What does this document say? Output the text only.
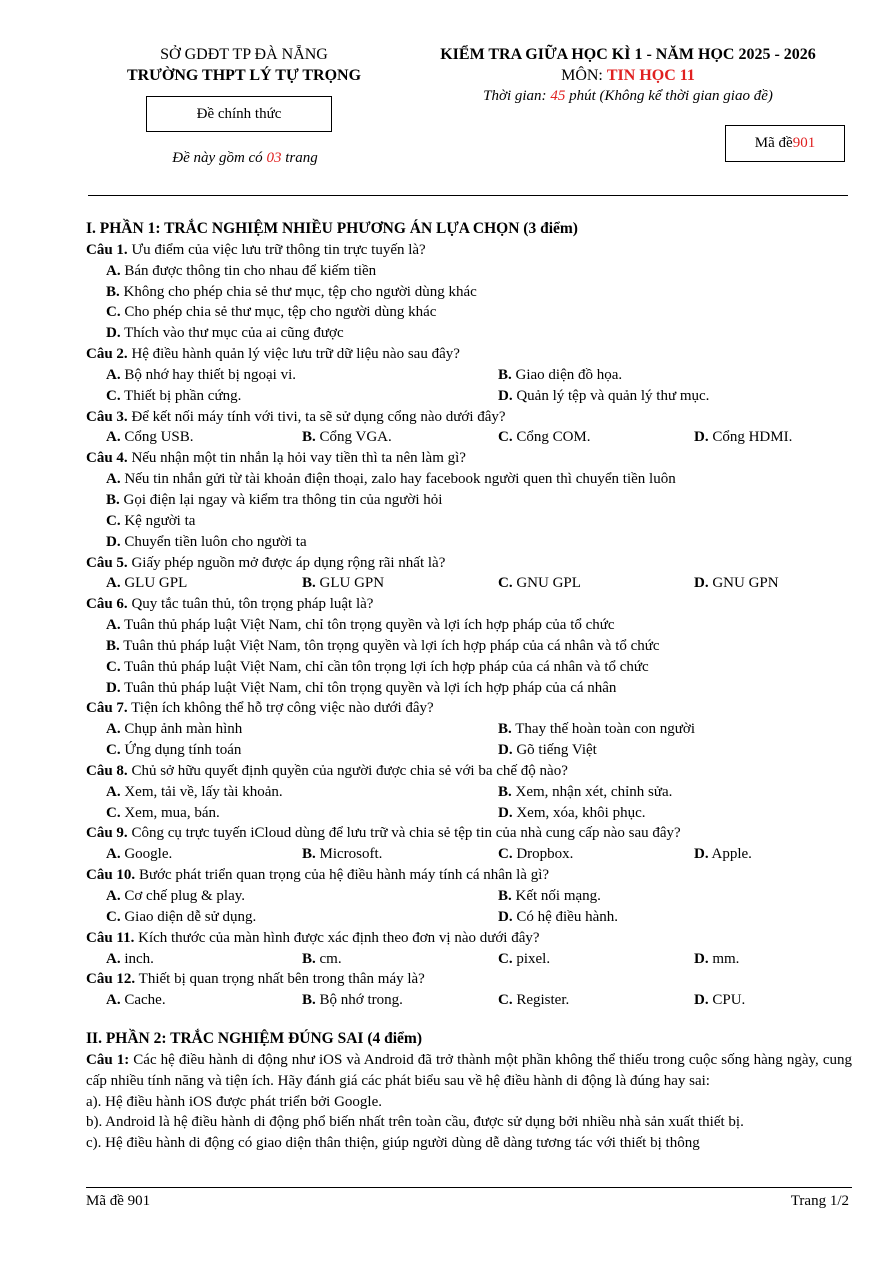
SỞ GDĐT TP ĐÀ NẴNG
TRƯỜNG THPT LÝ TỰ TRỌNG
Đề chính thức
Đề này gồm có 03 trang
KIỂM TRA GIỮA HỌC KÌ 1 - NĂM HỌC 2025 - 2026
MÔN: TIN HỌC 11
Thời gian: 45 phút (Không kể thời gian giao đề)
Mã đề 901
I. PHẦN 1: TRẮC NGHIỆM NHIỀU PHƯƠNG ÁN LỰA CHỌN (3 điểm)
Câu 1. Ưu điểm của việc lưu trữ thông tin trực tuyến là?
A. Bán được thông tin cho nhau để kiếm tiền
B. Không cho phép chia sẻ thư mục, tệp cho người dùng khác
C. Cho phép chia sẻ thư mục, tệp cho người dùng khác
D. Thích vào thư mục của ai cũng được
Câu 2. Hệ điều hành quản lý việc lưu trữ dữ liệu nào sau đây?
A. Bộ nhớ hay thiết bị ngoại vi.	B. Giao diện đồ họa.
C. Thiết bị phần cứng.	D. Quản lý tệp và quản lý thư mục.
Câu 3. Để kết nối máy tính với tivi, ta sẽ sử dụng cổng nào dưới đây?
A. Cổng USB.	B. Cổng VGA.	C. Cổng COM.	D. Cổng HDMI.
Câu 4. Nếu nhận một tin nhắn lạ hỏi vay tiền thì ta nên làm gì?
A. Nếu tin nhắn gửi từ tài khoản điện thoại, zalo hay facebook người quen thì chuyển tiền luôn
B. Gọi điện lại ngay và kiểm tra thông tin của người hỏi
C. Kệ người ta
D. Chuyển tiền luôn cho người ta
Câu 5. Giấy phép nguồn mở được áp dụng rộng rãi nhất là?
A. GLU GPL	B. GLU GPN	C. GNU GPL	D. GNU GPN
Câu 6. Quy tắc tuân thủ, tôn trọng pháp luật là?
A. Tuân thủ pháp luật Việt Nam, chỉ tôn trọng quyền và lợi ích hợp pháp của tổ chức
B. Tuân thủ pháp luật Việt Nam, tôn trọng quyền và lợi ích hợp pháp của cá nhân và tổ chức
C. Tuân thủ pháp luật Việt Nam, chỉ cần tôn trọng lợi ích hợp pháp của cá nhân và tổ chức
D. Tuân thủ pháp luật Việt Nam, chỉ tôn trọng quyền và lợi ích hợp pháp của cá nhân
Câu 7. Tiện ích không thể hỗ trợ công việc nào dưới đây?
A. Chụp ảnh màn hình	B. Thay thế hoàn toàn con người
C. Ứng dụng tính toán	D. Gõ tiếng Việt
Câu 8. Chủ sở hữu quyết định quyền của người được chia sẻ với ba chế độ nào?
A. Xem, tải về, lấy tài khoản.	B. Xem, nhận xét, chỉnh sửa.
C. Xem, mua, bán.	D. Xem, xóa, khôi phục.
Câu 9. Công cụ trực tuyến iCloud dùng để lưu trữ và chia sẻ tệp tin của nhà cung cấp nào sau đây?
A. Google.	B. Microsoft.	C. Dropbox.	D. Apple.
Câu 10. Bước phát triển quan trọng của hệ điều hành máy tính cá nhân là gì?
A. Cơ chế plug & play.	B. Kết nối mạng.
C. Giao diện dễ sử dụng.	D. Có hệ điều hành.
Câu 11. Kích thước của màn hình được xác định theo đơn vị nào dưới đây?
A. inch.	B. cm.	C. pixel.	D. mm.
Câu 12. Thiết bị quan trọng nhất bên trong thân máy là?
A. Cache.	B. Bộ nhớ trong.	C. Register.	D. CPU.
II. PHẦN 2: TRẮC NGHIỆM ĐÚNG SAI (4 điểm)
Câu 1: Các hệ điều hành di động như iOS và Android đã trở thành một phần không thể thiếu trong cuộc sống hàng ngày, cung cấp nhiều tính năng và tiện ích. Hãy đánh giá các phát biểu sau về hệ điều hành di động là đúng hay sai:
a). Hệ điều hành iOS được phát triển bởi Google.
b). Android là hệ điều hành di động phổ biến nhất trên toàn cầu, được sử dụng bởi nhiều nhà sản xuất thiết bị.
c). Hệ điều hành di động có giao diện thân thiện, giúp người dùng dễ dàng tương tác với thiết bị thông
Mã đề 901	Trang 1/2
